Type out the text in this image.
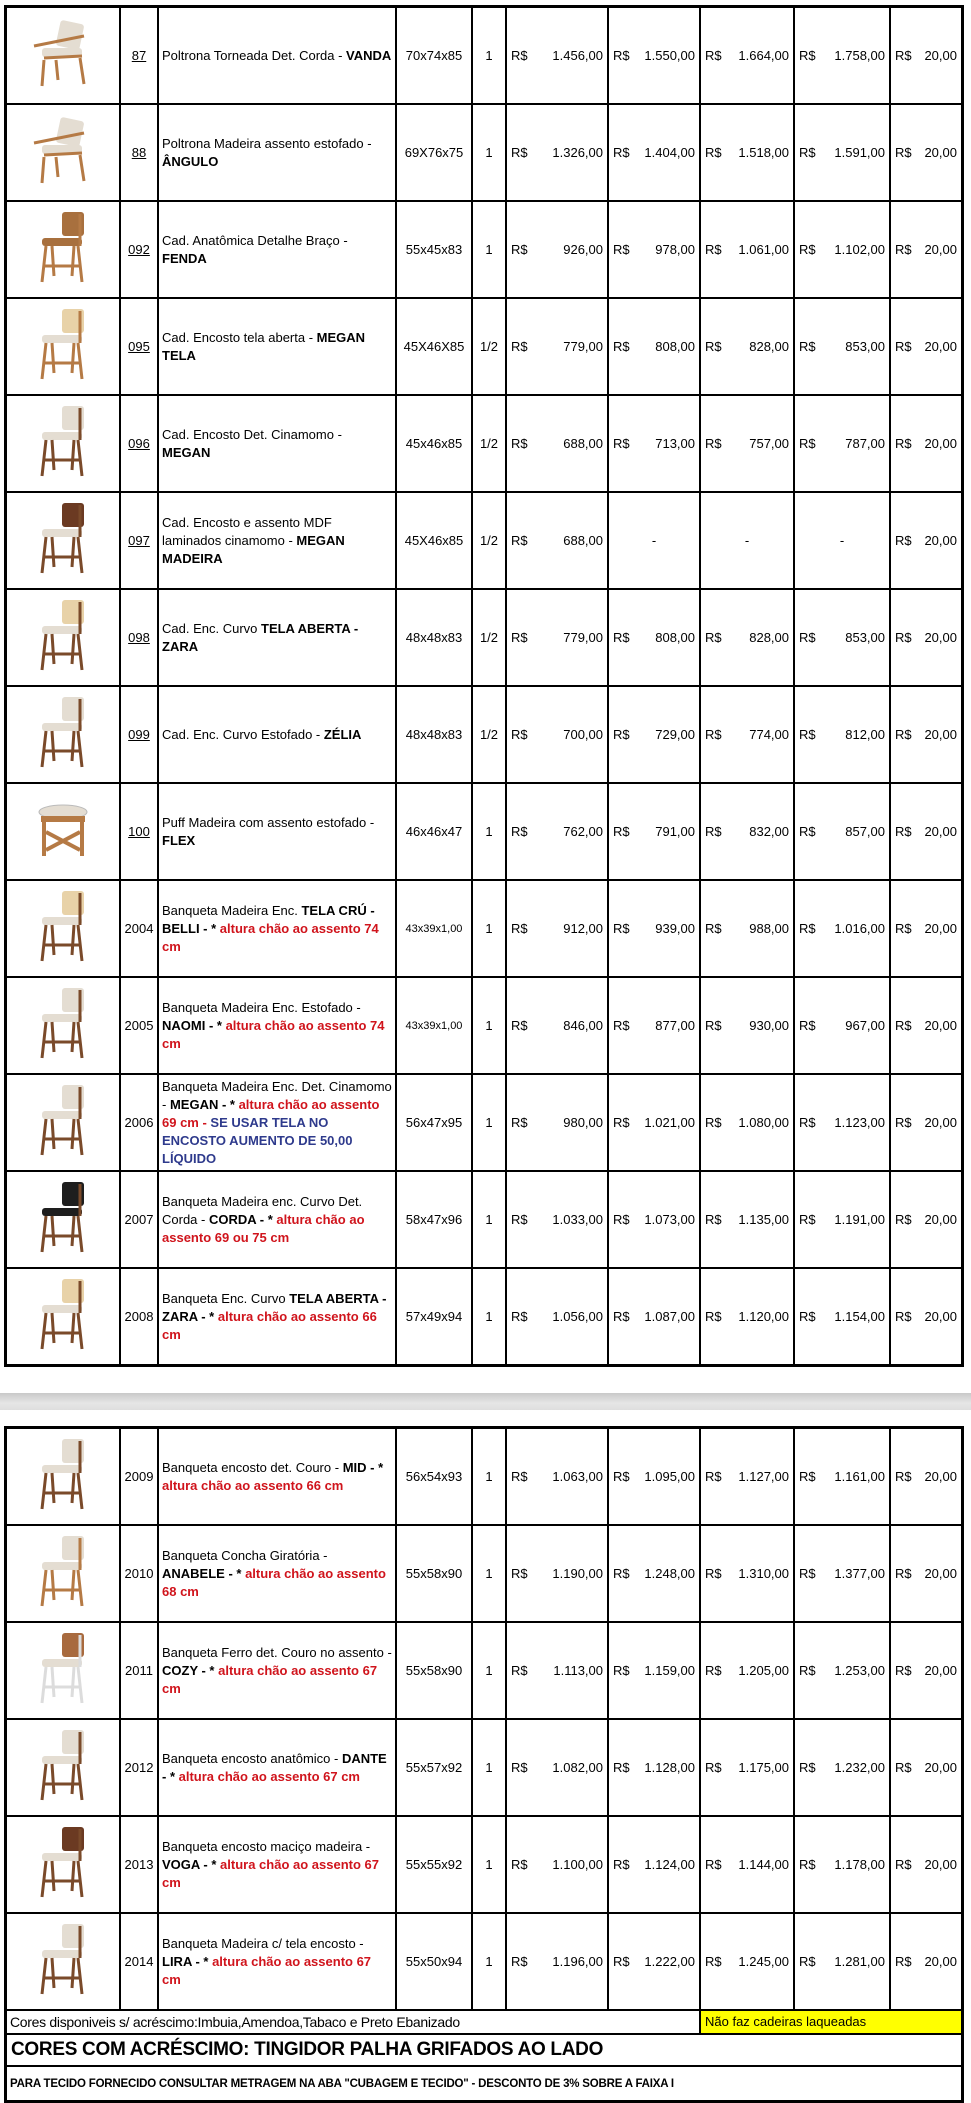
	87	Poltrona Torneada Det. Corda - VANDA	70x74x85	1	R$ 1.456,00	R$ 1.550,00	R$ 1.664,00	R$ 1.758,00	R$ 20,00

	88	Poltrona Madeira assento estofado - ÂNGULO	69X76x75	1	R$ 1.326,00	R$ 1.404,00	R$ 1.518,00	R$ 1.591,00	R$ 20,00

	092	Cad. Anatômica Detalhe Braço - FENDA	55x45x83	1	R$ 926,00	R$ 978,00	R$ 1.061,00	R$ 1.102,00	R$ 20,00

	095	Cad. Encosto tela aberta - MEGAN TELA	45X46X85	1/2	R$ 779,00	R$ 808,00	R$ 828,00	R$ 853,00	R$ 20,00

	096	Cad. Encosto Det. Cinamomo - MEGAN	45x46x85	1/2	R$ 688,00	R$ 713,00	R$ 757,00	R$ 787,00	R$ 20,00

	097	Cad. Encosto e assento MDF laminados cinamomo - MEGAN MADEIRA	45X46x85	1/2	R$ 688,00	-	-	-	R$ 20,00

	098	Cad. Enc. Curvo TELA ABERTA - ZARA	48x48x83	1/2	R$ 779,00	R$ 808,00	R$ 828,00	R$ 853,00	R$ 20,00

	099	Cad. Enc. Curvo Estofado - ZÉLIA	48x48x83	1/2	R$ 700,00	R$ 729,00	R$ 774,00	R$ 812,00	R$ 20,00

	100	Puff Madeira com assento estofado - FLEX	46x46x47	1	R$ 762,00	R$ 791,00	R$ 832,00	R$ 857,00	R$ 20,00

	2004	Banqueta Madeira Enc. TELA CRÚ - BELLI - * altura chão ao assento 74 cm	43x39x1,00	1	R$ 912,00	R$ 939,00	R$ 988,00	R$ 1.016,00	R$ 20,00

	2005	Banqueta Madeira Enc. Estofado - NAOMI - * altura chão ao assento 74 cm	43x39x1,00	1	R$ 846,00	R$ 877,00	R$ 930,00	R$ 967,00	R$ 20,00

	2006	Banqueta Madeira Enc. Det. Cinamomo - MEGAN - * altura chão ao assento 69 cm - SE USAR TELA NO ENCOSTO AUMENTO DE 50,00 LÍQUIDO	56x47x95	1	R$ 980,00	R$ 1.021,00	R$ 1.080,00	R$ 1.123,00	R$ 20,00

	2007	Banqueta Madeira enc. Curvo Det. Corda - CORDA - * altura chão ao assento 69 ou 75 cm	58x47x96	1	R$ 1.033,00	R$ 1.073,00	R$ 1.135,00	R$ 1.191,00	R$ 20,00

	2008	Banqueta Enc. Curvo TELA ABERTA - ZARA - * altura chão ao assento 66 cm	57x49x94	1	R$ 1.056,00	R$ 1.087,00	R$ 1.120,00	R$ 1.154,00	R$ 20,00
	2009	Banqueta encosto det. Couro - MID - * altura chão ao assento 66 cm	56x54x93	1	R$ 1.063,00	R$ 1.095,00	R$ 1.127,00	R$ 1.161,00	R$ 20,00

	2010	Banqueta Concha Giratória - ANABELE - * altura chão ao assento 68 cm	55x58x90	1	R$ 1.190,00	R$ 1.248,00	R$ 1.310,00	R$ 1.377,00	R$ 20,00

	2011	Banqueta Ferro det. Couro no assento - COZY - * altura chão ao assento 67 cm	55x58x90	1	R$ 1.113,00	R$ 1.159,00	R$ 1.205,00	R$ 1.253,00	R$ 20,00

	2012	Banqueta encosto anatômico - DANTE - * altura chão ao assento 67 cm	55x57x92	1	R$ 1.082,00	R$ 1.128,00	R$ 1.175,00	R$ 1.232,00	R$ 20,00

	2013	Banqueta encosto maciço madeira - VOGA - * altura chão ao assento 67 cm	55x55x92	1	R$ 1.100,00	R$ 1.124,00	R$ 1.144,00	R$ 1.178,00	R$ 20,00

	2014	Banqueta Madeira c/ tela encosto - LIRA - * altura chão ao assento 67 cm	55x50x94	1	R$ 1.196,00	R$ 1.222,00	R$ 1.245,00	R$ 1.281,00	R$ 20,00

Cores disponiveis s/ acréscimo:Imbuia,Amendoa,Tabaco e Preto Ebanizado							Não faz cadeiras laqueadas		
CORES COM ACRÉSCIMO: TINGIDOR PALHA GRIFADOS AO LADO									
PARA TECIDO FORNECIDO CONSULTAR METRAGEM NA ABA "CUBAGEM E TECIDO" - DESCONTO DE 3% SOBRE A FAIXA I									
